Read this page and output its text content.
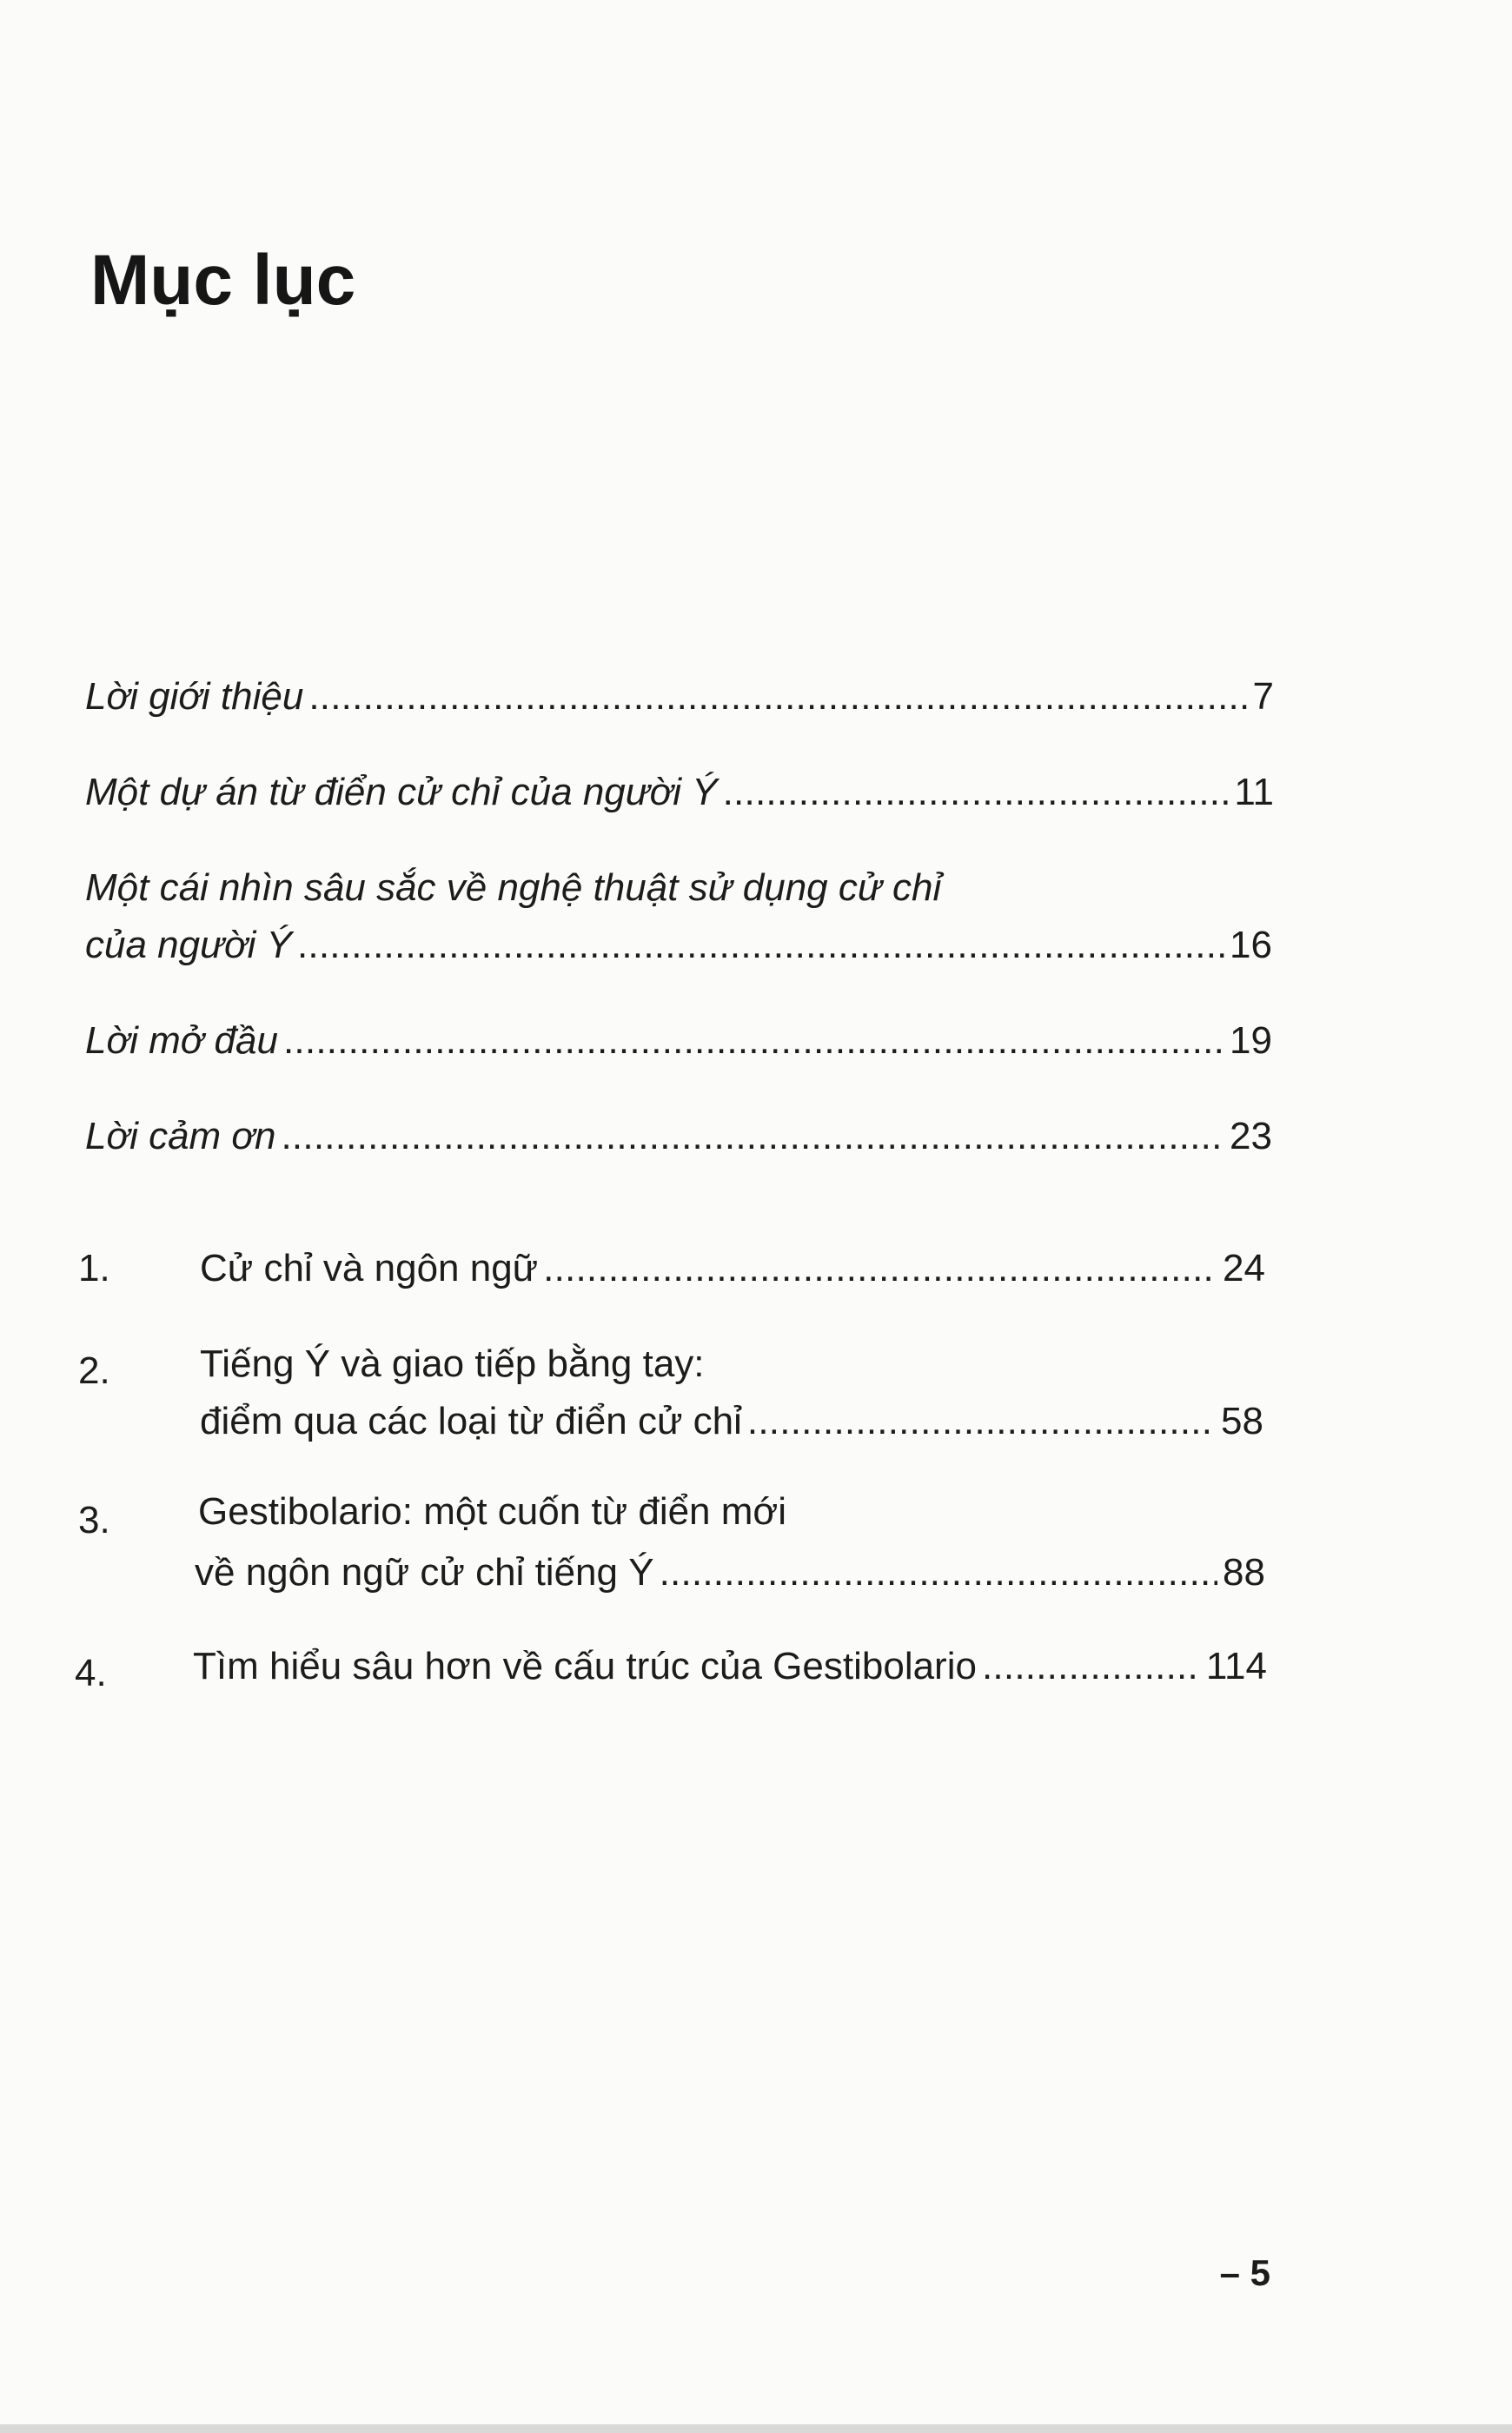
Mục lục
Lời giới thiệu . . .	7
Một dự án từ điển cử chỉ của người Ý . . .	11
Một cái nhìn sâu sắc về nghệ thuật sử dụng cử chỉ
của người Ý . . .	16
Lời mở đầu . . .	19
Lời cảm ơn . . .	23
1. Cử chỉ và ngôn ngữ . . .	24
2. Tiếng Ý và giao tiếp bằng tay:
điểm qua các loại từ điển cử chỉ . . .	58
3. Gestibolario: một cuốn từ điển mới
về ngôn ngữ cử chỉ tiếng Ý . . .	88
4. Tìm hiểu sâu hơn về cấu trúc của Gestibolario . . .	114
– 5
